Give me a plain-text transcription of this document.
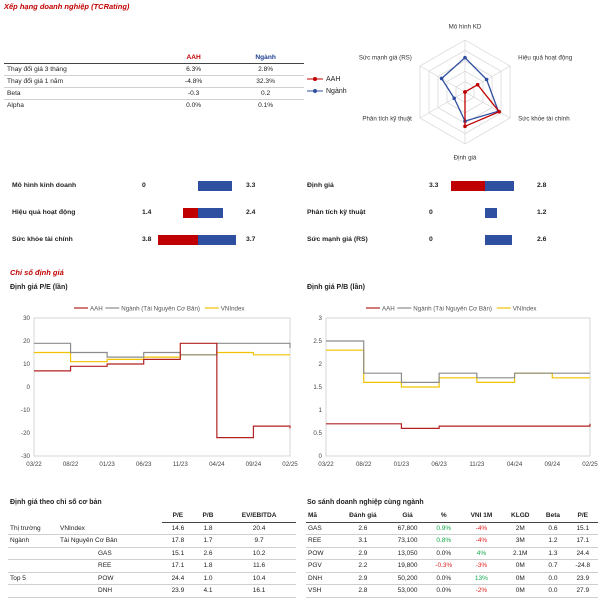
Xếp hạng doanh nghiệp (TCRating)
	AAH	Ngành
Thay đổi giá 3 tháng	6.3%	2.8%
Thay đổi giá 1 năm	-4.8%	32.3%
Beta	-0.3	0.2
Alpha	0.0%	0.1%
AAH
Ngành
Mô hình KD
Hiệu quả hoạt động
Sức khỏe tài chính
Định giá
Phân tích kỹ thuật
Sức mạnh giá (RS)
Mô hình kinh doanh	0	3.3
Hiệu quả hoạt động	1.4	2.4
Sức khỏe tài chính	3.8	3.7
Định giá	3.3	2.8
Phân tích kỹ thuật	0	1.2
Sức mạnh giá (RS)	0	2.6
Chỉ số định giá
Định giá P/E (lần)	Định giá P/B (lần)
AAH	Ngành (Tài Nguyên Cơ Bản)	VNIndex
30
20
10
0
-10
-20
-30
03/22	08/22	01/23	06/23	11/23	04/24	09/24	02/25
AAH	Ngành (Tài Nguyên Cơ Bản)	VNIndex
3
2.5
2
1.5
1
0.5
0
03/22	08/22	01/23	06/23	11/23	04/24	09/24	02/25
Định giá theo chỉ số cơ bản	So sánh doanh nghiệp cùng ngành
		P/E	P/B	EV/EBITDA
Thị trường	VNIndex	14.6	1.8	20.4
Ngành	Tài Nguyên Cơ Bản	17.8	1.7	9.7
	GAS	15.1	2.6	10.2
	REE	17.1	1.8	11.6
Top 5	POW	24.4	1.0	10.4
	DNH	23.9	4.1	16.1
Mã	Đánh giá	Giá	%	VNI 1M	KLGD	Beta	P/E
GAS	2.6	67,800	0.9%	-4%	2M	0.6	15.1
REE	3.1	73,100	0.8%	-4%	3M	1.2	17.1
POW	2.9	13,050	0.0%	4%	2.1M	1.3	24.4
PGV	2.2	19,800	-0.3%	-3%	0M	0.7	-24.8
DNH	2.9	50,200	0.0%	13%	0M	0.0	23.9
VSH	2.8	53,000	0.0%	-2%	0M	0.0	27.9
